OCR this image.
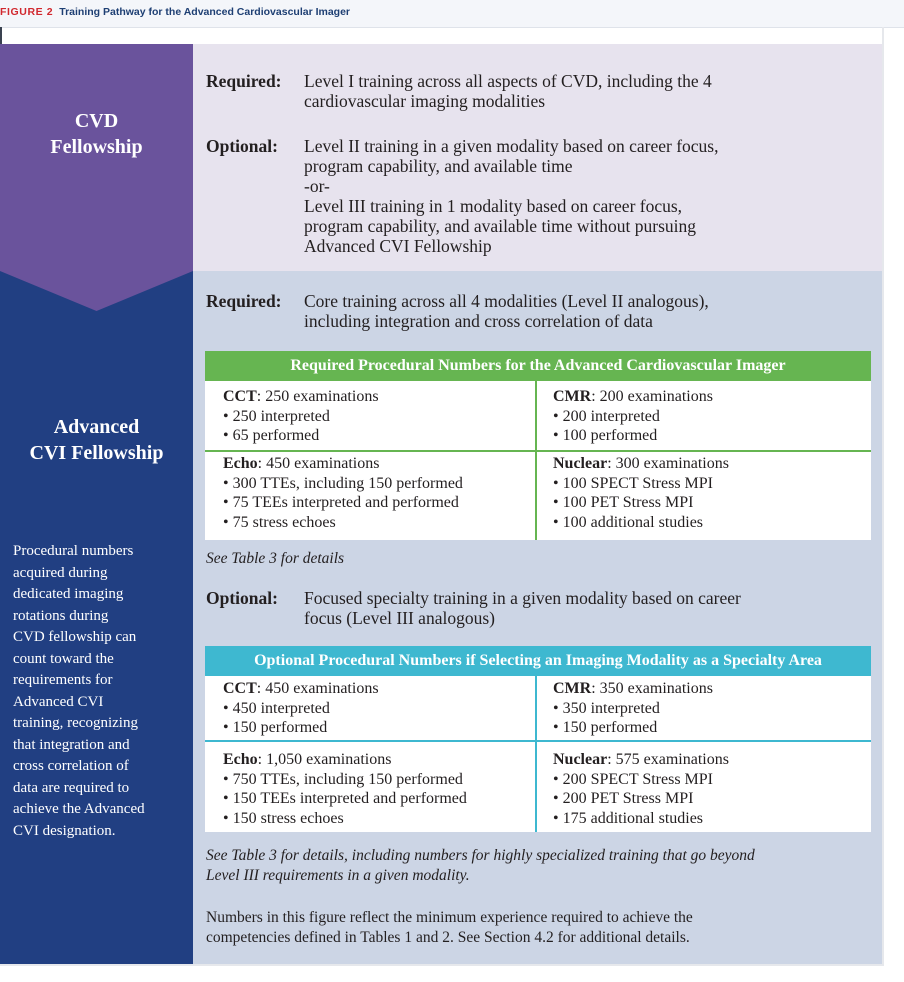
FIGURE 2 Training Pathway for the Advanced Cardiovascular Imager
CVD
Fellowship
Advanced
CVI Fellowship
Procedural numbers
acquired during
dedicated imaging
rotations during
CVD fellowship can
count toward the
requirements for
Advanced CVI
training, recognizing
that integration and
cross correlation of
data are required to
achieve the Advanced
CVI designation.
Required: Level I training across all aspects of CVD, including the 4
cardiovascular imaging modalities
Optional: Level II training in a given modality based on career focus,
program capability, and available time
-or-
Level III training in 1 modality based on career focus,
program capability, and available time without pursuing
Advanced CVI Fellowship
Required: Core training across all 4 modalities (Level II analogous),
including integration and cross correlation of data
Required Procedural Numbers for the Advanced Cardiovascular Imager
CCT: 250 examinations
• 250 interpreted
• 65 performed
CMR: 200 examinations
• 200 interpreted
• 100 performed
Echo: 450 examinations
• 300 TTEs, including 150 performed
• 75 TEEs interpreted and performed
• 75 stress echoes
Nuclear: 300 examinations
• 100 SPECT Stress MPI
• 100 PET Stress MPI
• 100 additional studies
See Table 3 for details
Optional: Focused specialty training in a given modality based on career
focus (Level III analogous)
Optional Procedural Numbers if Selecting an Imaging Modality as a Specialty Area
CCT: 450 examinations
• 450 interpreted
• 150 performed
CMR: 350 examinations
• 350 interpreted
• 150 performed
Echo: 1,050 examinations
• 750 TTEs, including 150 performed
• 150 TEEs interpreted and performed
• 150 stress echoes
Nuclear: 575 examinations
• 200 SPECT Stress MPI
• 200 PET Stress MPI
• 175 additional studies
See Table 3 for details, including numbers for highly specialized training that go beyond
Level III requirements in a given modality.
Numbers in this figure reflect the minimum experience required to achieve the
competencies defined in Tables 1 and 2. See Section 4.2 for additional details.
